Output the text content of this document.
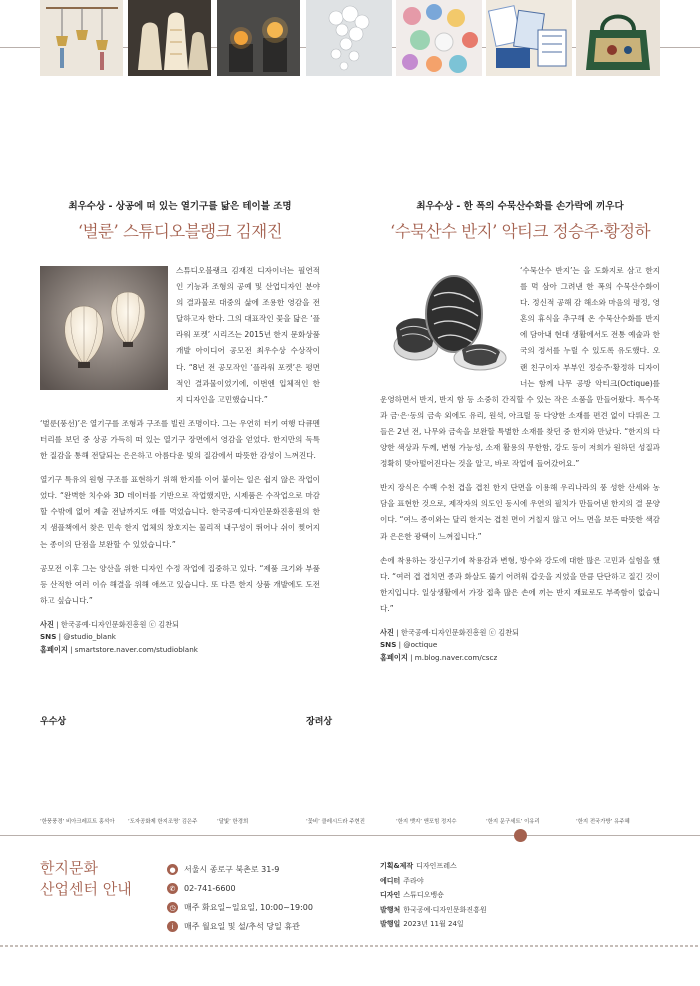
최우수상 - 상공에 떠 있는 열기구를 닮은 테이블 조명
‘벌룬’ 스튜디오블랭크 김재진
스튜디오블랭크 김재진 디자이너는 필연적인 기능과 조형의 공예 및 산업디자인 분야의 결과물로 대중의 삶에 조용한 영감을 전달하고자 한다. 그의 대표작인 꽃을 닮은 ‘플라워 포켓’ 시리즈는 2015년 한지 문화상품개발 아이디어 공모전 최우수상 수상작이다. “8년 전 공모작인 ‘플라워 포켓’은 평면적인 결과물이었기에, 이번엔 입체적인 한지 디자인을 고민했습니다.”
‘벌룬(풍선)’은 열기구를 조형과 구조를 빌린 조명이다. 그는 우연히 터키 여행 다큐멘터리를 보던 중 상공 가득히 떠 있는 열기구 장면에서 영감을 얻었다. 한지만의 독특한 질감을 통해 전달되는 은은하고 아름다운 빛의 질감에서 따뜻한 감성이 느껴진다.
열기구 특유의 원형 구조를 표현하기 위해 한지를 이어 붙이는 일은 쉽지 않은 작업이었다. “완벽한 치수와 3D 데이터를 기반으로 작업했지만, 시제품은 수작업으로 마감할 수밖에 없어 제출 전날까지도 애를 먹었습니다. 한국공예·디자인문화진흥원의 한지 샘플책에서 찾은 민속 한지 업체의 창호지는 물리적 내구성이 뛰어나 쉬이 찢어지는 종이의 단점을 보완할 수 있었습니다.”
공모전 이후 그는 양산을 위한 디자인 수정 작업에 집중하고 있다. “제품 크기와 부품 등 산적한 여러 이슈 해결을 위해 애쓰고 있습니다. 또 다른 한지 상품 개발에도 도전하고 싶습니다.”
사진 | 한국공예·디자인문화진흥원 ⓒ 김찬되
SNS | @studio_blank
홈페이지 | smartstore.naver.com/studioblank
최우수상 - 한 폭의 수묵산수화를 손가락에 끼우다
‘수묵산수 반지’ 악티크 정승주·황정하
‘수묵산수 반지’는 을 도화지로 삼고 한지를 먹 삼아 그려낸 한 폭의 수묵산수화이다. 정신적 공해 감 해소와 마음의 평정, 영혼의 휴식을 추구해 온 수묵산수화를 반지에 담아내 현대 생활에서도 전통 예술과 한국의 정서를 누릴 수 있도록 유도했다. 오랜 친구이자 부부인 정승주·황정하 디자이너는 함께 나무 공방 악티크(Octique)를 운영하면서 반지, 반지 함 등 소중히 간직할 수 있는 작은 소품을 만들어왔다. 특수목과 금·은·동의 금속 외에도 유리, 원석, 아크릴 등 다양한 소재를 편견 없이 다뤄온 그들은 2년 전, 나무와 금속을 보완할 특별한 소재를 찾던 중 한지와 만났다. “한지의 다양한 색상과 두께, 변형 가능성, 소재 활용의 무한함, 강도 등이 저희가 원하던 성질과 정확히 맞아떨어진다는 것을 알고, 바로 작업에 들어갔어요.”
반지 장식은 수백 수천 겹을 겹친 한지 단면을 이용해 우리나라의 풍 성한 산세와 농담을 표현한 것으로, 제작자의 의도인 동시에 우연의 필치가 만들어낸 한지의 결 문양이다. “여느 종이와는 달리 한지는 겹친 면이 거칠지 않고 어느 면을 보든 따뜻한 색감과 은은한 광택이 느껴집니다.”
손에 착용하는 장신구기에 착용감과 변형, 방수와 강도에 대한 많은 고민과 실험을 했다. “여러 겹 겹치면 종과 화살도 뚫기 어려워 갑옷을 지었을 만큼 단단하고 질긴 것이 한지입니다. 일상생활에서 가장 접촉 많은 손에 끼는 반지 재료로도 부족함이 없습니다.”
사진 | 한국공예·디자인문화진흥원 ⓒ 김찬되
SNS | @octique
홈페이지 | m.blog.naver.com/cscz
우수상	장려상
‘한풍풍경’ 비아크레프트 홍석아 ‘도자공화제 한지조명’ 김은주	‘달빛’ 한경희	‘꽃비’ 클레시드라 주현진	‘한지 뱃지’ 앤포힘 정지수	‘한지 문구세트’ 이유리	‘한지 전국가방’ 유주혜
한지문화
산업센터 안내
●	서울시 종로구 북촌로 31-9
✆	02-741-6600
◷	매주 화요일~일요일, 10:00~19:00
i	매주 월요일 및 설/추석 당일 휴관
기획&제작 디자인프레스
에디터 주라야
디자인 스튜디오뱅숑
발행처 한국공예·디자인문화진흥원
발행일 2023년 11월 24일
